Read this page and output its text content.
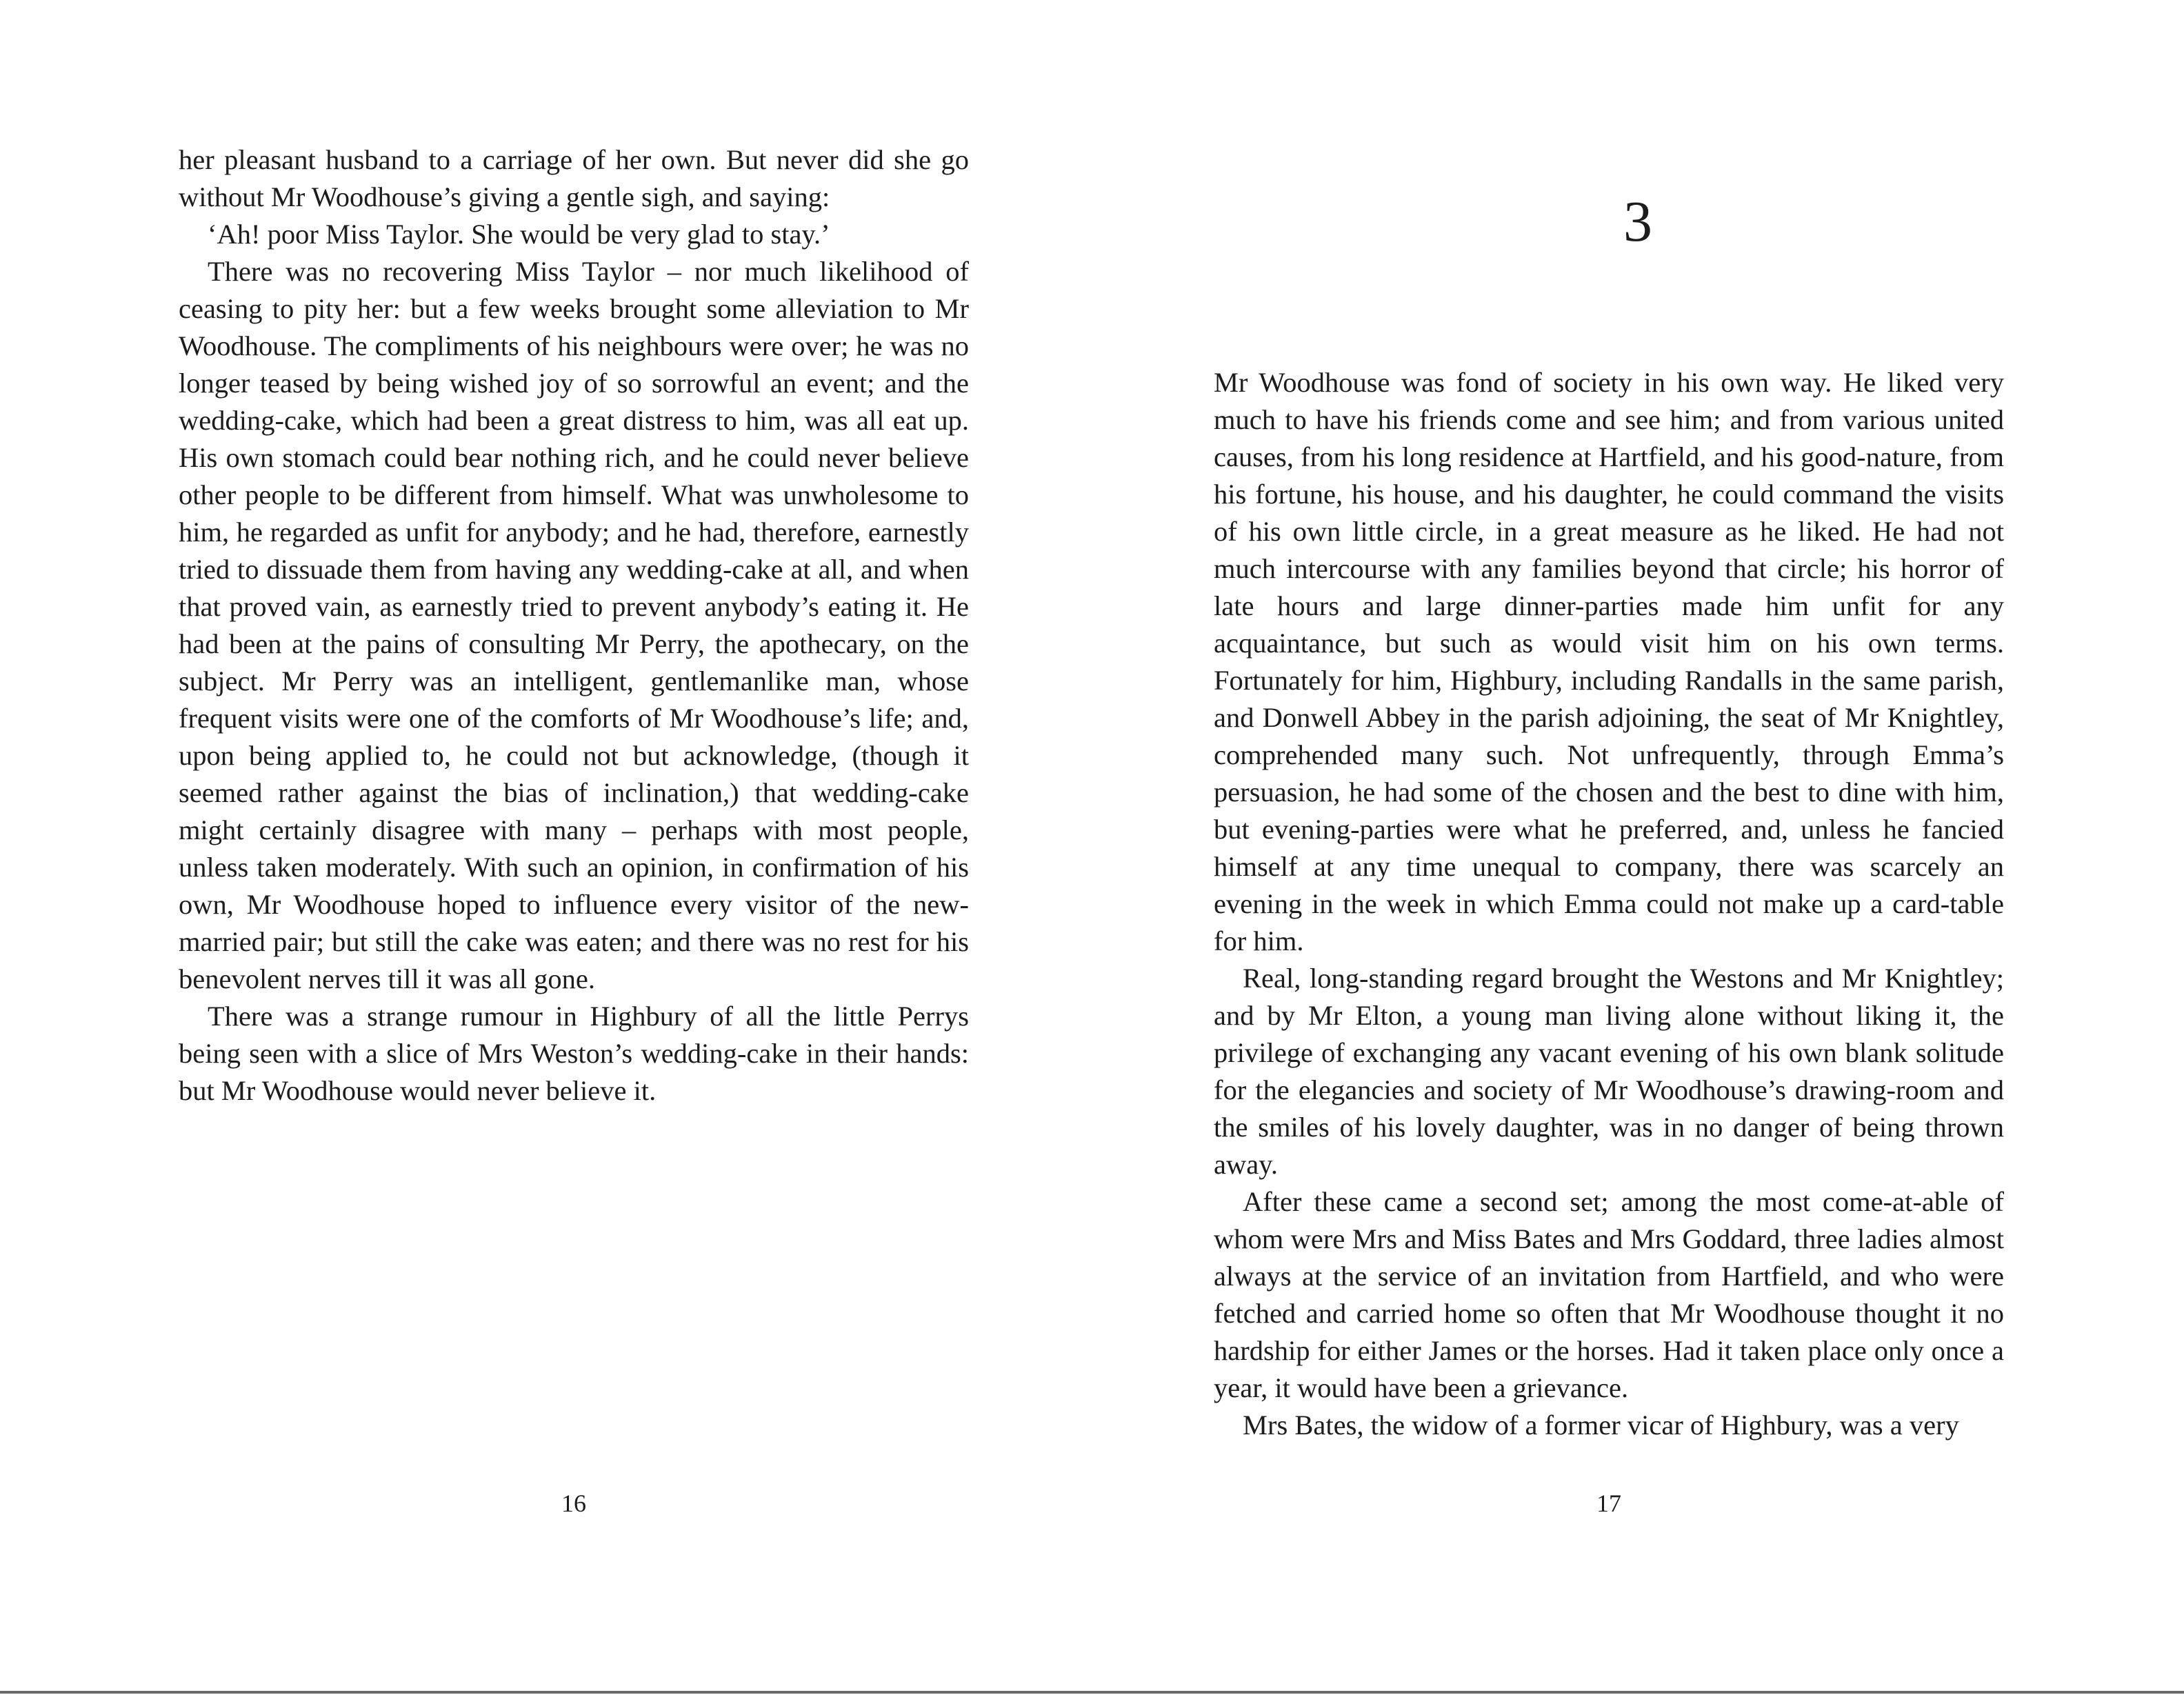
her pleasant husband to a carriage of her own. But never did she go without Mr Woodhouse’s giving a gentle sigh, and saying:

‘Ah! poor Miss Taylor. She would be very glad to stay.’

There was no recovering Miss Taylor – nor much likelihood of ceasing to pity her: but a few weeks brought some alleviation to Mr Woodhouse. The compliments of his neighbours were over; he was no longer teased by being wished joy of so sorrowful an event; and the wedding-cake, which had been a great distress to him, was all eat up. His own stomach could bear nothing rich, and he could never believe other people to be different from himself. What was unwholesome to him, he regarded as unfit for anybody; and he had, therefore, earnestly tried to dissuade them from having any wedding-cake at all, and when that proved vain, as earnestly tried to prevent anybody’s eating it. He had been at the pains of consulting Mr Perry, the apothecary, on the subject. Mr Perry was an intelligent, gentlemanlike man, whose frequent visits were one of the comforts of Mr Woodhouse’s life; and, upon being applied to, he could not but acknowledge, (though it seemed rather against the bias of inclination,) that wedding-cake might certainly disagree with many – perhaps with most people, unless taken moderately. With such an opinion, in confirmation of his own, Mr Woodhouse hoped to influence every visitor of the new-married pair; but still the cake was eaten; and there was no rest for his benevolent nerves till it was all gone.

There was a strange rumour in Highbury of all the little Perrys being seen with a slice of Mrs Weston’s wedding-cake in their hands: but Mr Woodhouse would never believe it.

16
3

Mr Woodhouse was fond of society in his own way. He liked very much to have his friends come and see him; and from various united causes, from his long residence at Hartfield, and his good-nature, from his fortune, his house, and his daughter, he could command the visits of his own little circle, in a great measure as he liked. He had not much intercourse with any families beyond that circle; his horror of late hours and large dinner-parties made him unfit for any acquaintance, but such as would visit him on his own terms. Fortunately for him, Highbury, including Randalls in the same parish, and Donwell Abbey in the parish adjoining, the seat of Mr Knightley, comprehended many such. Not unfrequently, through Emma’s persuasion, he had some of the chosen and the best to dine with him, but evening-parties were what he preferred, and, unless he fancied himself at any time unequal to company, there was scarcely an evening in the week in which Emma could not make up a card-table for him.

Real, long-standing regard brought the Westons and Mr Knightley; and by Mr Elton, a young man living alone without liking it, the privilege of exchanging any vacant evening of his own blank solitude for the elegancies and society of Mr Woodhouse’s drawing-room and the smiles of his lovely daughter, was in no danger of being thrown away.

After these came a second set; among the most come-at-able of whom were Mrs and Miss Bates and Mrs Goddard, three ladies almost always at the service of an invitation from Hartfield, and who were fetched and carried home so often that Mr Woodhouse thought it no hardship for either James or the horses. Had it taken place only once a year, it would have been a grievance.

Mrs Bates, the widow of a former vicar of Highbury, was a very

17
